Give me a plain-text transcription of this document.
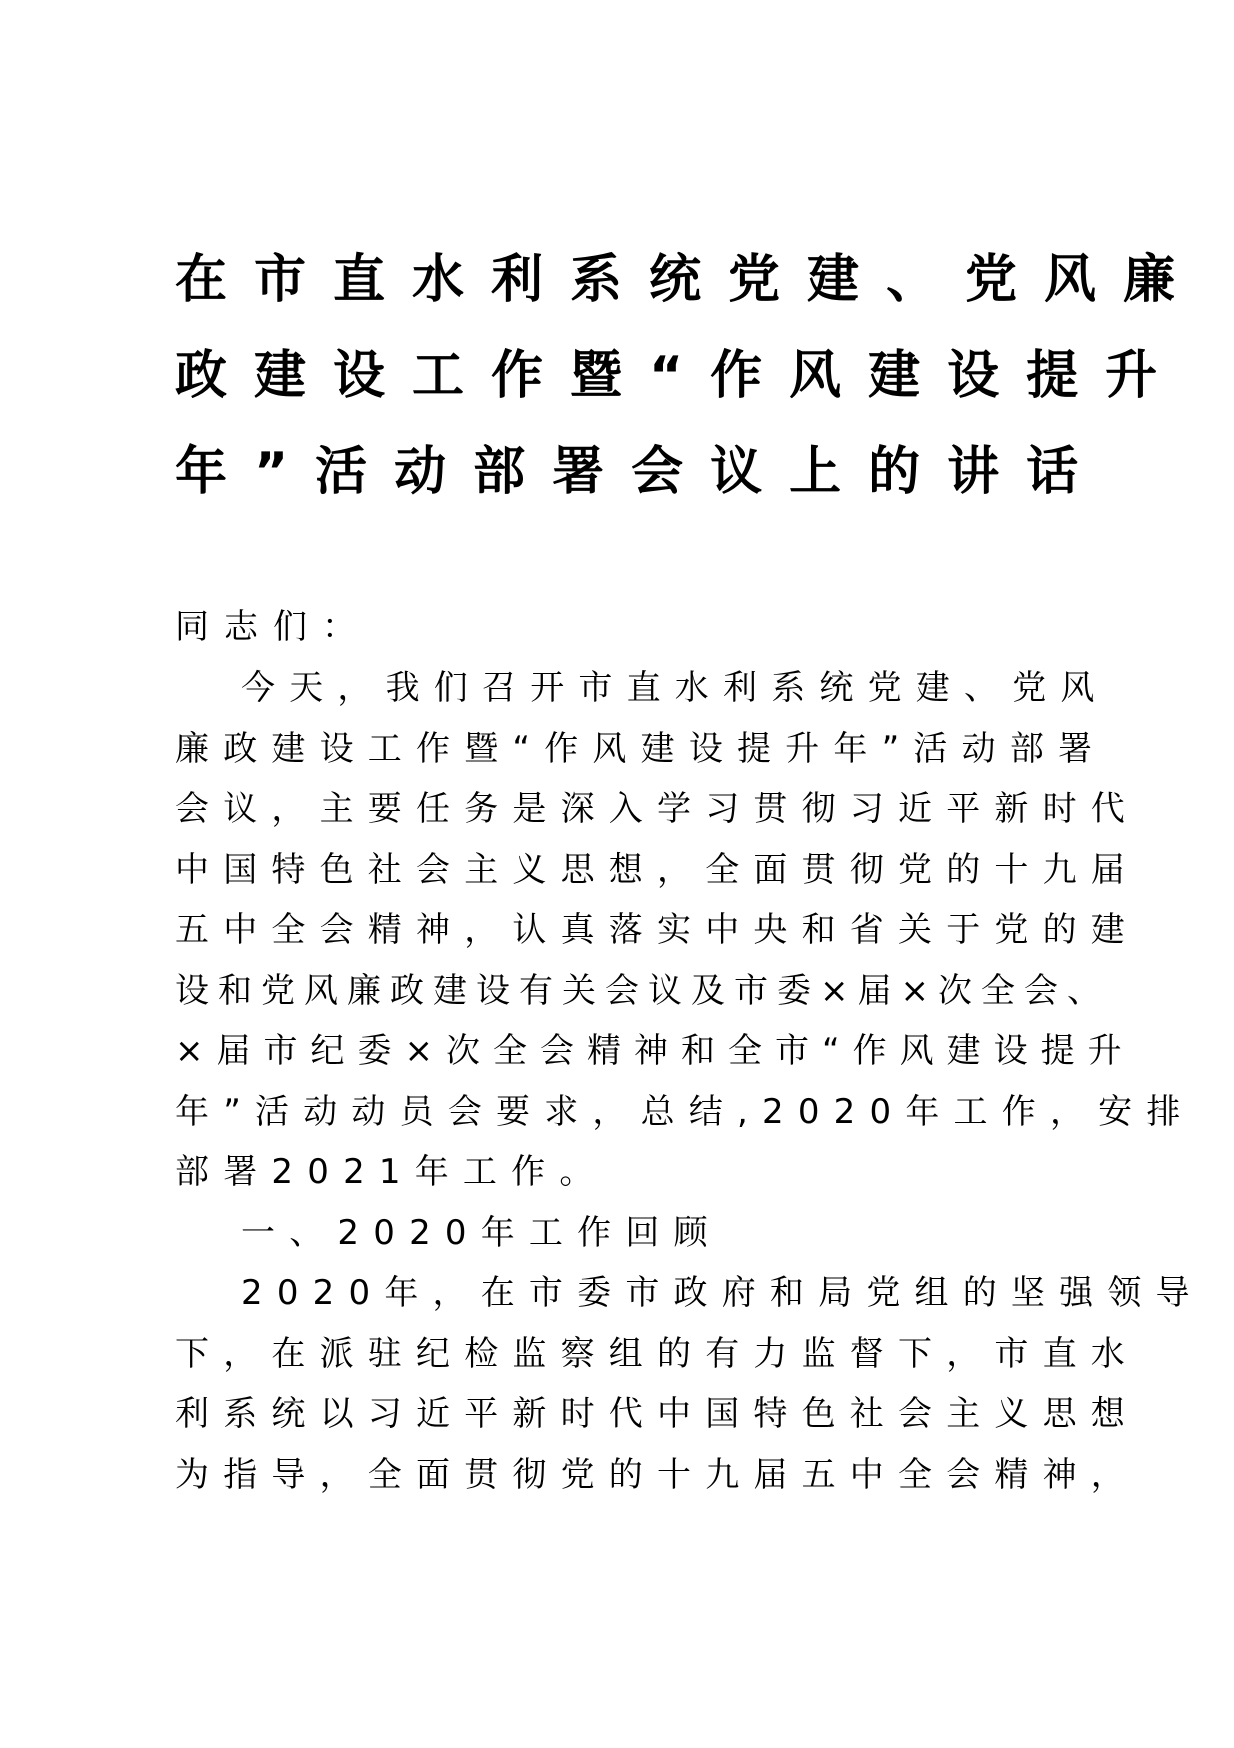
在市直水利系统党建、党风廉
政建设工作暨“作风建设提升
年”活动部署会议上的讲话

同志们：

今天，我们召开市直水利系统党建、党风
廉政建设工作暨“作风建设提升年”活动部署
会议，主要任务是深入学习贯彻习近平新时代
中国特色社会主义思想，全面贯彻党的十九届
五中全会精神，认真落实中央和省关于党的建
设和党风廉政建设有关会议及市委×届×次全会、
×届市纪委×次全会精神和全市“作风建设提升
年”活动动员会要求，总结,2020年工作，安排
部署2021年工作。
一、2020年工作回顾
2020年，在市委市政府和局党组的坚强领导
下，在派驻纪检监察组的有力监督下，市直水
利系统以习近平新时代中国特色社会主义思想
为指导，全面贯彻党的十九届五中全会精神，
